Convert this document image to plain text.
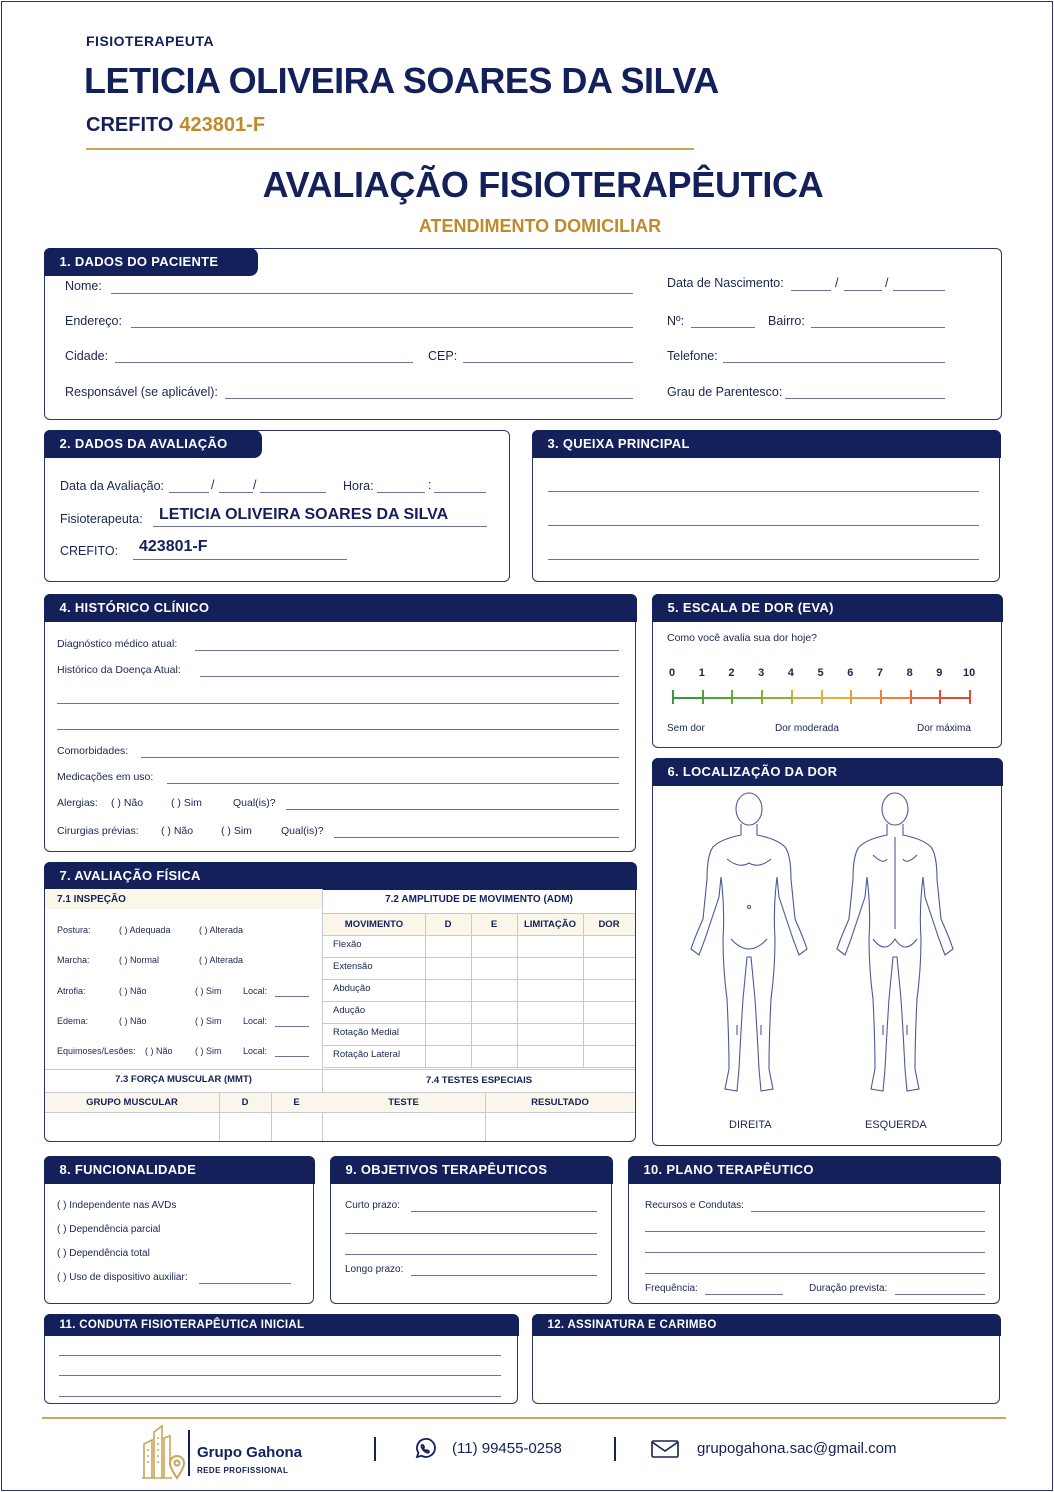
FISIOTERAPEUTA
LETICIA OLIVEIRA SOARES DA SILVA
CREFITO 423801-F
AVALIAÇÃO FISIOTERAPÊUTICA
ATENDIMENTO DOMICILIAR
1. DADOS DO PACIENTE
Nome:	Data de Nascimento:	/	/
Endereço:	Nº:	Bairro:
Cidade:	CEP:	Telefone:
Responsável (se aplicável):	Grau de Parentesco:
2. DADOS DA AVALIAÇÃO
Data da Avaliação:	/	/	Hora:	:
Fisioterapeuta: LETICIA OLIVEIRA SOARES DA SILVA
CREFITO: 423801-F
3. QUEIXA PRINCIPAL
4. HISTÓRICO CLÍNICO
Diagnóstico médico atual:
Histórico da Doença Atual:
Comorbidades:
Medicações em uso:
Alergias: ( ) Não	( ) Sim	Qual(is)?
Cirurgias prévias: ( ) Não	( ) Sim	Qual(is)?
5. ESCALA DE DOR (EVA)
Como você avalia sua dor hoje?
0 1 2 3 4 5 6 7 8 9 10
Sem dor	Dor moderada	Dor máxima
6. LOCALIZAÇÃO DA DOR
DIREITA	ESQUERDA
7. AVALIAÇÃO FÍSICA
7.1 INSPEÇÃO
Postura:	( ) Adequada	( ) Alterada
Marcha:	( ) Normal	( ) Alterada
Atrofia:	( ) Não	( ) Sim Local:
Edema:	( ) Não	( ) Sim Local:
Equimoses/Lesões: ( ) Não ( ) Sim Local:
7.2 AMPLITUDE DE MOVIMENTO (ADM)
MOVIMENTO	D	E	LIMITAÇÃO	DOR
Flexão
Extensão
Abdução
Adução
Rotação Medial
Rotação Lateral
7.3 FORÇA MUSCULAR (MMT)	7.4 TESTES ESPECIAIS
GRUPO MUSCULAR	D	E	TESTE	RESULTADO
8. FUNCIONALIDADE
( ) Independente nas AVDs
( ) Dependência parcial
( ) Dependência total
( ) Uso de dispositivo auxiliar:
9. OBJETIVOS TERAPÊUTICOS
Curto prazo:
Longo prazo:
10. PLANO TERAPÊUTICO
Recursos e Condutas:
Frequência:	Duração prevista:
11. CONDUTA FISIOTERAPÊUTICA INICIAL	12. ASSINATURA E CARIMBO
Grupo Gahona
REDE PROFISSIONAL
(11) 99455-0258	grupogahona.sac@gmail.com
